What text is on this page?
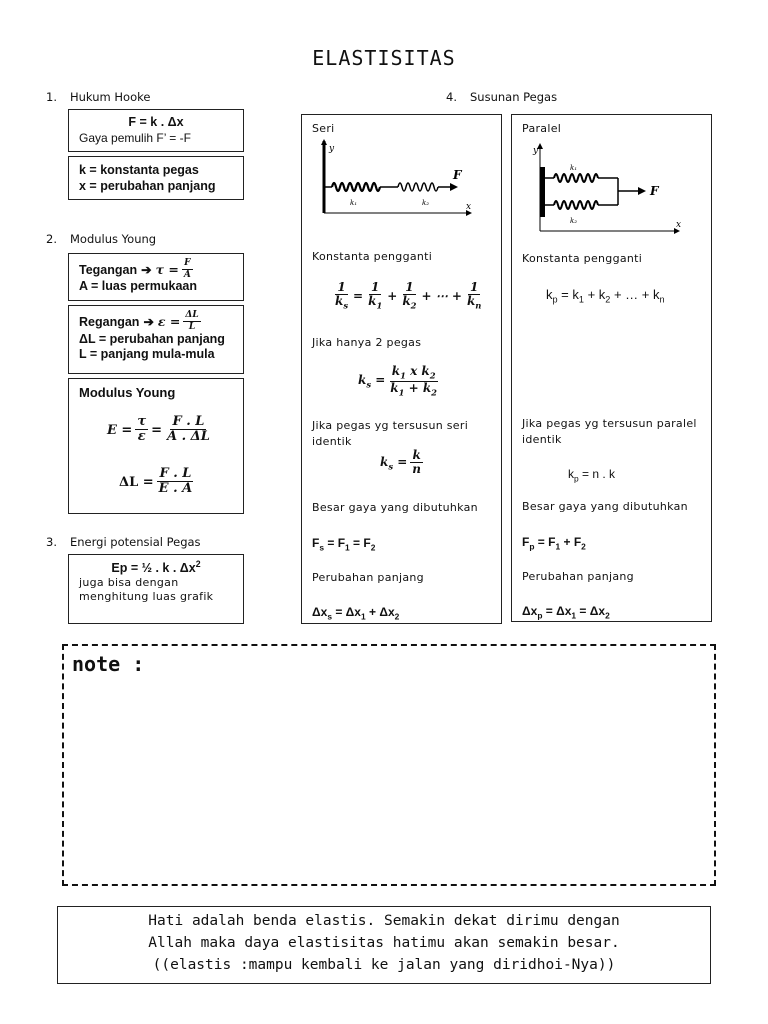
ELASTISITAS
1. Hukum Hooke
F = k . Δx
Gaya pemulih F’ = -F
k = konstanta pegas
x = perubahan panjang
2. Modulus Young
Tegangan ➔ $\tau = \frac{F}{A}$
A = luas permukaan
Regangan ➔ $\varepsilon = \frac{\Delta L}{L}$
ΔL = perubahan panjang
L = panjang mula-mula
Modulus Young
$E = \frac{\tau}{\varepsilon} = \frac{F . L}{A . \Delta L}$
$\Delta L = \frac{F . L}{E . A}$
3. Energi potensial Pegas
Ep = ½ . k . $\Delta x^2$
juga bisa dengan
menghitung luas grafik
4. Susunan Pegas
Seri
y
x
F
k₁	k₂
Konstanta pengganti
$\frac{1}{k_s} = \frac{1}{k_1} + \frac{1}{k_2}$ + ⋯ + $\frac{1}{k_n}$
Jika hanya 2 pegas
$k_s = \frac{k_1 x k_2}{k_1 + k_2}$
Jika pegas yg tersusun seri
identik
$k_s = \frac{k}{n}$
Besar gaya yang dibutuhkan
$F_s = F_1 = F_2$
Perubahan panjang
$\Delta x_s = \Delta x_1 + \Delta x_2$
Paralel
y
x
F
k₁
k₂
Konstanta pengganti
$k_p = k_1 + k_2$ + … + $k_n$
Jika pegas yg tersusun paralel
identik
$k_p = n$ . k
Besar gaya yang dibutuhkan
$F_p = F_1 + F_2$
Perubahan panjang
$\Delta x_p = \Delta x_1 = \Delta x_2$
note :
Hati adalah benda elastis. Semakin dekat dirimu dengan
Allah maka daya elastisitas hatimu akan semakin besar.
((elastis :mampu kembali ke jalan yang diridhoi-Nya))
